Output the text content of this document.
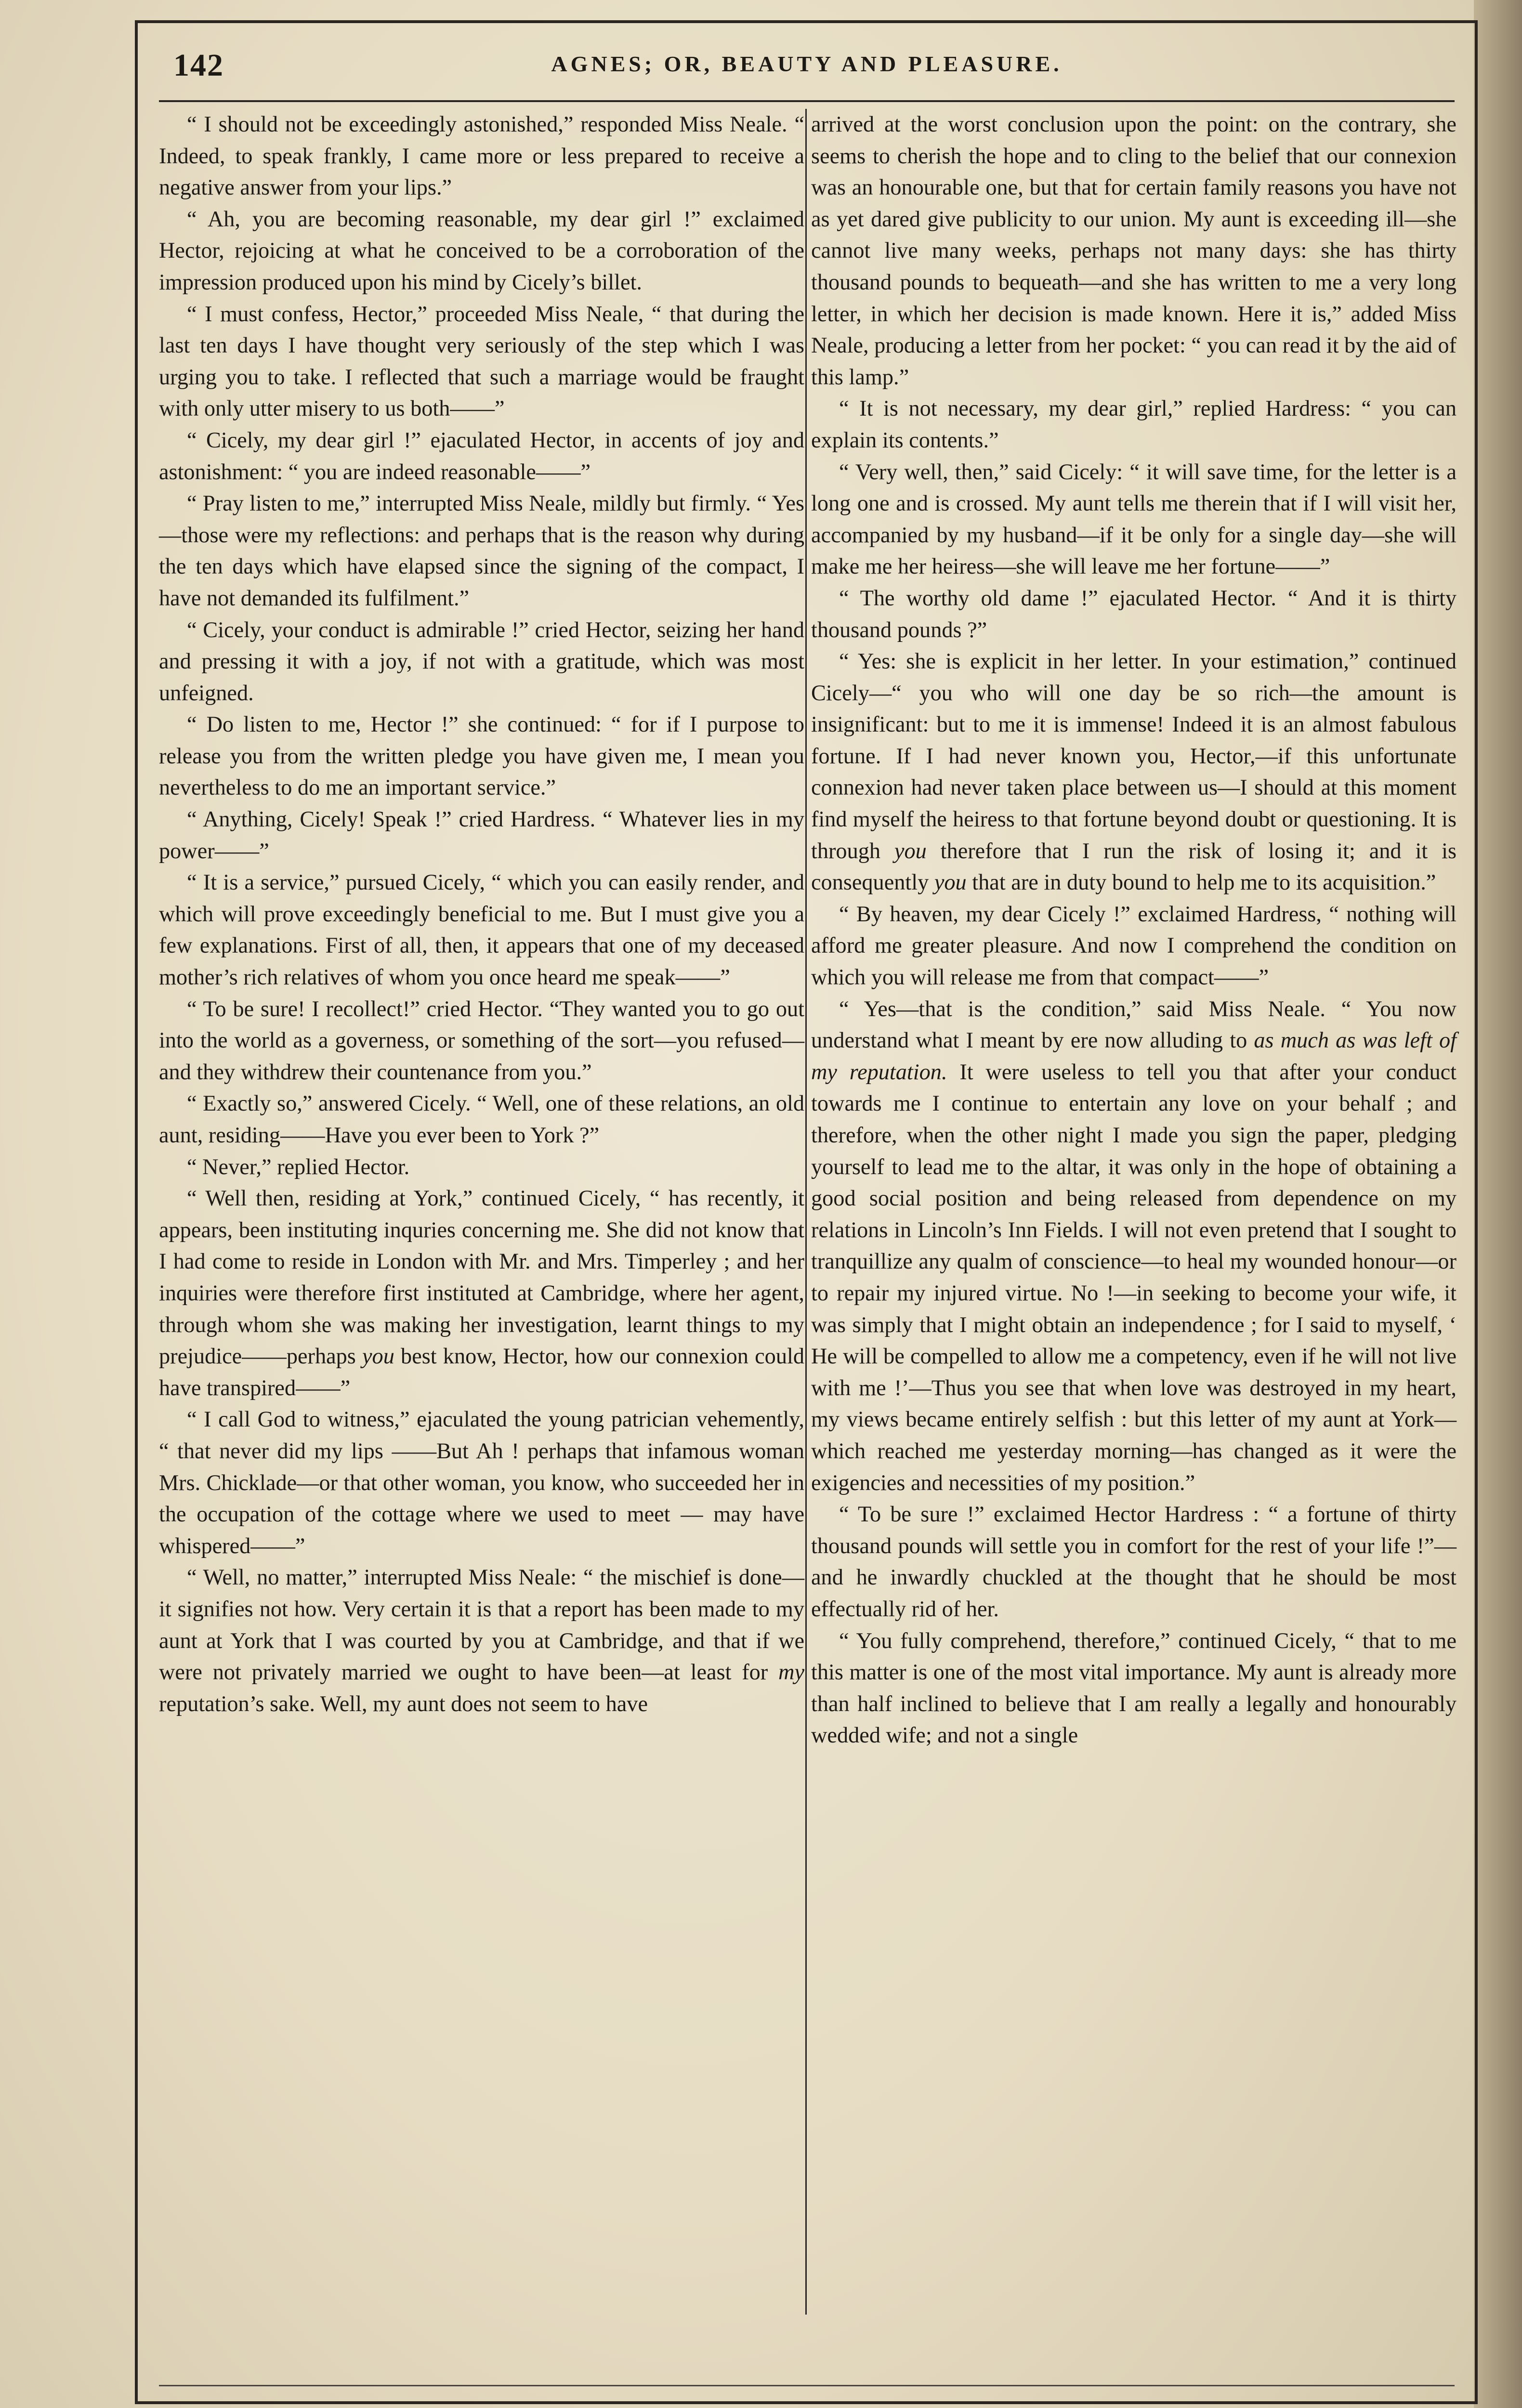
142	AGNES; OR, BEAUTY AND PLEASURE.

“ I should not be exceedingly astonished,” responded Miss Neale. “ Indeed, to speak frankly, I came more or less prepared to receive a negative answer from your lips.”

“ Ah, you are becoming reasonable, my dear girl !” exclaimed Hector, rejoicing at what he conceived to be a corroboration of the impression produced upon his mind by Cicely’s billet.

“ I must confess, Hector,” proceeded Miss Neale, “ that during the last ten days I have thought very seriously of the step which I was urging you to take. I reflected that such a marriage would be fraught with only utter misery to us both——”

“ Cicely, my dear girl !” ejaculated Hector, in accents of joy and astonishment: “ you are indeed reasonable——”

“ Pray listen to me,” interrupted Miss Neale, mildly but firmly. “ Yes—those were my reflections: and perhaps that is the reason why during the ten days which have elapsed since the signing of the compact, I have not demanded its fulfilment.”

“ Cicely, your conduct is admirable !” cried Hector, seizing her hand and pressing it with a joy, if not with a gratitude, which was most unfeigned.

“ Do listen to me, Hector !” she continued: “ for if I purpose to release you from the written pledge you have given me, I mean you nevertheless to do me an important service.”

“ Anything, Cicely! Speak !” cried Hardress. “ Whatever lies in my power——”

“ It is a service,” pursued Cicely, “ which you can easily render, and which will prove exceedingly beneficial to me. But I must give you a few explanations. First of all, then, it appears that one of my deceased mother’s rich relatives of whom you once heard me speak——”

“ To be sure! I recollect!” cried Hector. “They wanted you to go out into the world as a governess, or something of the sort—you refused—and they withdrew their countenance from you.”

“ Exactly so,” answered Cicely. “ Well, one of these relations, an old aunt, residing——Have you ever been to York ?”

“ Never,” replied Hector.

“ Well then, residing at York,” continued Cicely, “ has recently, it appears, been instituting inquries concerning me. She did not know that I had come to reside in London with Mr. and Mrs. Timperley ; and her inquiries were therefore first instituted at Cambridge, where her agent, through whom she was making her investigation, learnt things to my prejudice——perhaps you best know, Hector, how our connexion could have transpired——”

“ I call God to witness,” ejaculated the young patrician vehemently, “ that never did my lips ——But Ah ! perhaps that infamous woman Mrs. Chicklade—or that other woman, you know, who succeeded her in the occupation of the cottage where we used to meet — may have whispered——”

“ Well, no matter,” interrupted Miss Neale: “ the mischief is done—it signifies not how. Very certain it is that a report has been made to my aunt at York that I was courted by you at Cambridge, and that if we were not privately married we ought to have been—at least for my reputation’s sake. Well, my aunt does not seem to have

arrived at the worst conclusion upon the point: on the contrary, she seems to cherish the hope and to cling to the belief that our connexion was an honourable one, but that for certain family reasons you have not as yet dared give publicity to our union. My aunt is exceeding ill—she cannot live many weeks, perhaps not many days: she has thirty thousand pounds to bequeath—and she has written to me a very long letter, in which her decision is made known. Here it is,” added Miss Neale, producing a letter from her pocket: “ you can read it by the aid of this lamp.”

“ It is not necessary, my dear girl,” replied Hardress: “ you can explain its contents.”

“ Very well, then,” said Cicely: “ it will save time, for the letter is a long one and is crossed. My aunt tells me therein that if I will visit her, accompanied by my husband—if it be only for a single day—she will make me her heiress—she will leave me her fortune——”

“ The worthy old dame !” ejaculated Hector. “ And it is thirty thousand pounds ?”

“ Yes: she is explicit in her letter. In your estimation,” continued Cicely—“ you who will one day be so rich—the amount is insignificant: but to me it is immense! Indeed it is an almost fabulous fortune. If I had never known you, Hector,—if this unfortunate connexion had never taken place between us—I should at this moment find myself the heiress to that fortune beyond doubt or questioning. It is through you therefore that I run the risk of losing it; and it is consequently you that are in duty bound to help me to its acquisition.”

“ By heaven, my dear Cicely !” exclaimed Hardress, “ nothing will afford me greater pleasure. And now I comprehend the condition on which you will release me from that compact——”

“ Yes—that is the condition,” said Miss Neale. “ You now understand what I meant by ere now alluding to as much as was left of my reputation. It were useless to tell you that after your conduct towards me I continue to entertain any love on your behalf ; and therefore, when the other night I made you sign the paper, pledging yourself to lead me to the altar, it was only in the hope of obtaining a good social position and being released from dependence on my relations in Lincoln’s Inn Fields. I will not even pretend that I sought to tranquillize any qualm of conscience—to heal my wounded honour—or to repair my injured virtue. No !—in seeking to become your wife, it was simply that I might obtain an independence ; for I said to myself, ‘ He will be compelled to allow me a competency, even if he will not live with me !’—Thus you see that when love was destroyed in my heart, my views became entirely selfish : but this letter of my aunt at York—which reached me yesterday morning—has changed as it were the exigencies and necessities of my position.”

“ To be sure !” exclaimed Hector Hardress : “ a fortune of thirty thousand pounds will settle you in comfort for the rest of your life !”—and he inwardly chuckled at the thought that he should be most effectually rid of her.

“ You fully comprehend, therefore,” continued Cicely, “ that to me this matter is one of the most vital importance. My aunt is already more than half inclined to believe that I am really a legally and honourably wedded wife; and not a single
